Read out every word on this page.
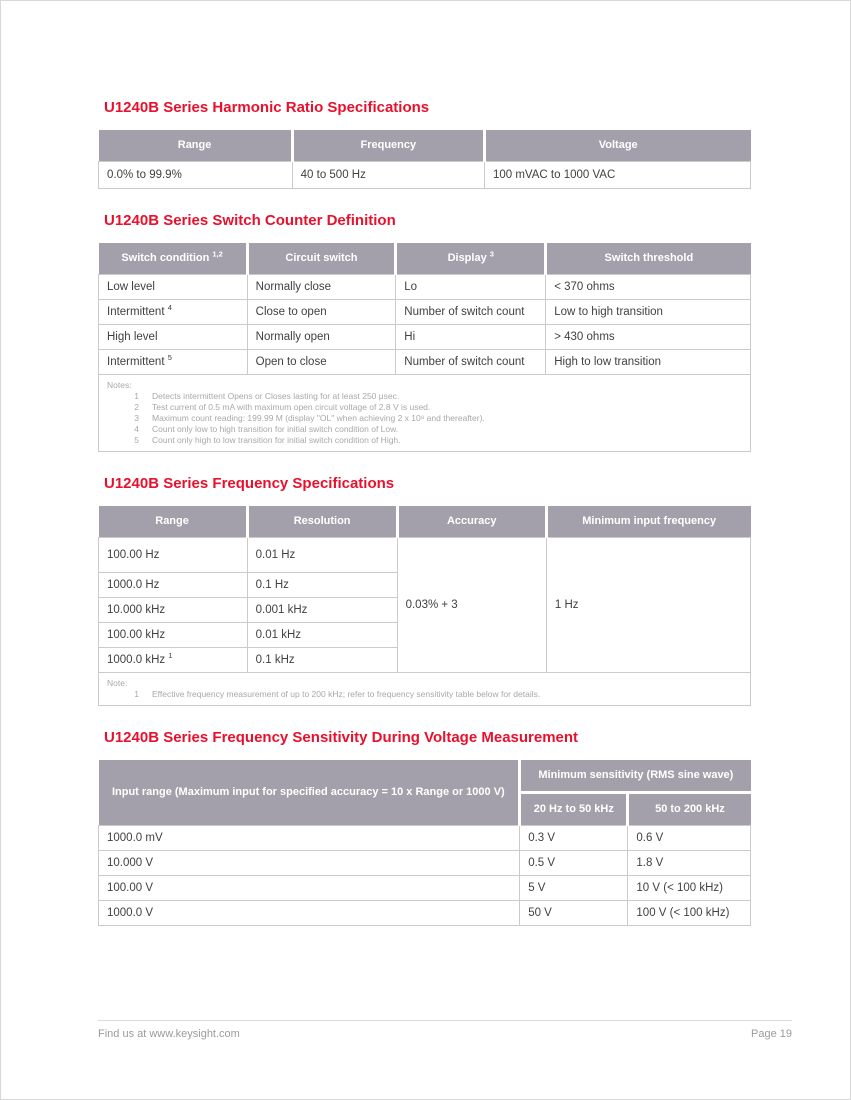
U1240B Series Harmonic Ratio Specifications
Range	Frequency	Voltage
0.0% to 99.9%	40 to 500 Hz	100 mVAC to 1000 VAC
U1240B Series Switch Counter Definition
Switch condition $^{1,2}$	Circuit switch	Display $^3$	Switch threshold
Low level	Normally close	Lo	< 370 ohms
Intermittent $^4$	Close to open	Number of switch count	Low to high transition
High level	Normally open	Hi	> 430 ohms
Intermittent $^5$	Open to close	Number of switch count	High to low transition

Notes:
1 Detects intermittent Opens or Closes lasting for at least 250 μsec.
2 Test current of 0.5 mA with maximum open circuit voltage of 2.8 V is used.
3 Maximum count reading: 199.99 M (display "OL" when achieving 2 x 10⁸ and thereafter).
4 Count only low to high transition for initial switch condition of Low.
5 Count only high to low transition for initial switch condition of High.
U1240B Series Frequency Specifications
Range	Resolution	Accuracy	Minimum input frequency
100.00 Hz	0.01 Hz	0.03% + 3	1 Hz
1000.0 Hz	0.1 Hz		
10.000 kHz	0.001 kHz		
100.00 kHz	0.01 kHz		
1000.0 kHz $^1$	0.1 kHz		

Note:
1 Effective frequency measurement of up to 200 kHz; refer to frequency sensitivity table below for details.			
U1240B Series Frequency Sensitivity During Voltage Measurement
Input range (Maximum input for specified accuracy = 10 x Range or 1000 V)	Minimum sensitivity (RMS sine wave)	
	20 Hz to 50 kHz	50 to 200 kHz
1000.0 mV	0.3 V	0.6 V
10.000 V	0.5 V	1.8 V
100.00 V	5 V	10 V (< 100 kHz)
1000.0 V	50 V	100 V (< 100 kHz)
Find us at www.keysight.com	Page 19
